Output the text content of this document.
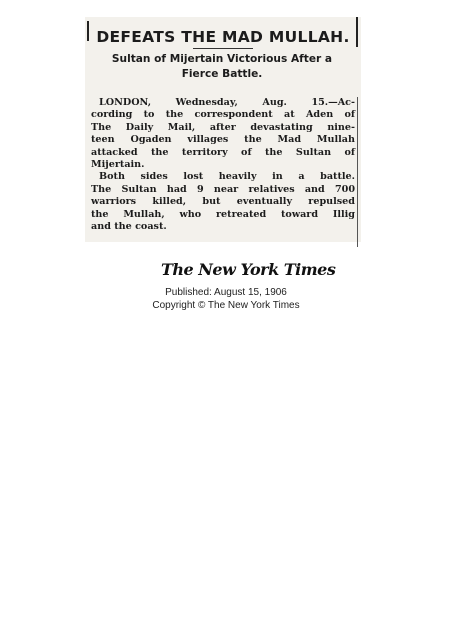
DEFEATS THE MAD MULLAH.
Sultan of Mijertain Victorious After a
Fierce Battle.
LONDON, Wednesday, Aug. 15.—Ac-
cording to the correspondent at Aden of
The Daily Mail, after devastating nine-
teen Ogaden villages the Mad Mullah
attacked the territory of the Sultan of
Mijertain.
Both sides lost heavily in a battle.
The Sultan had 9 near relatives and 700
warriors killed, but eventually repulsed
the Mullah, who retreated toward Illig
and the coast.
The New York Times
Published: August 15, 1906
Copyright © The New York Times
